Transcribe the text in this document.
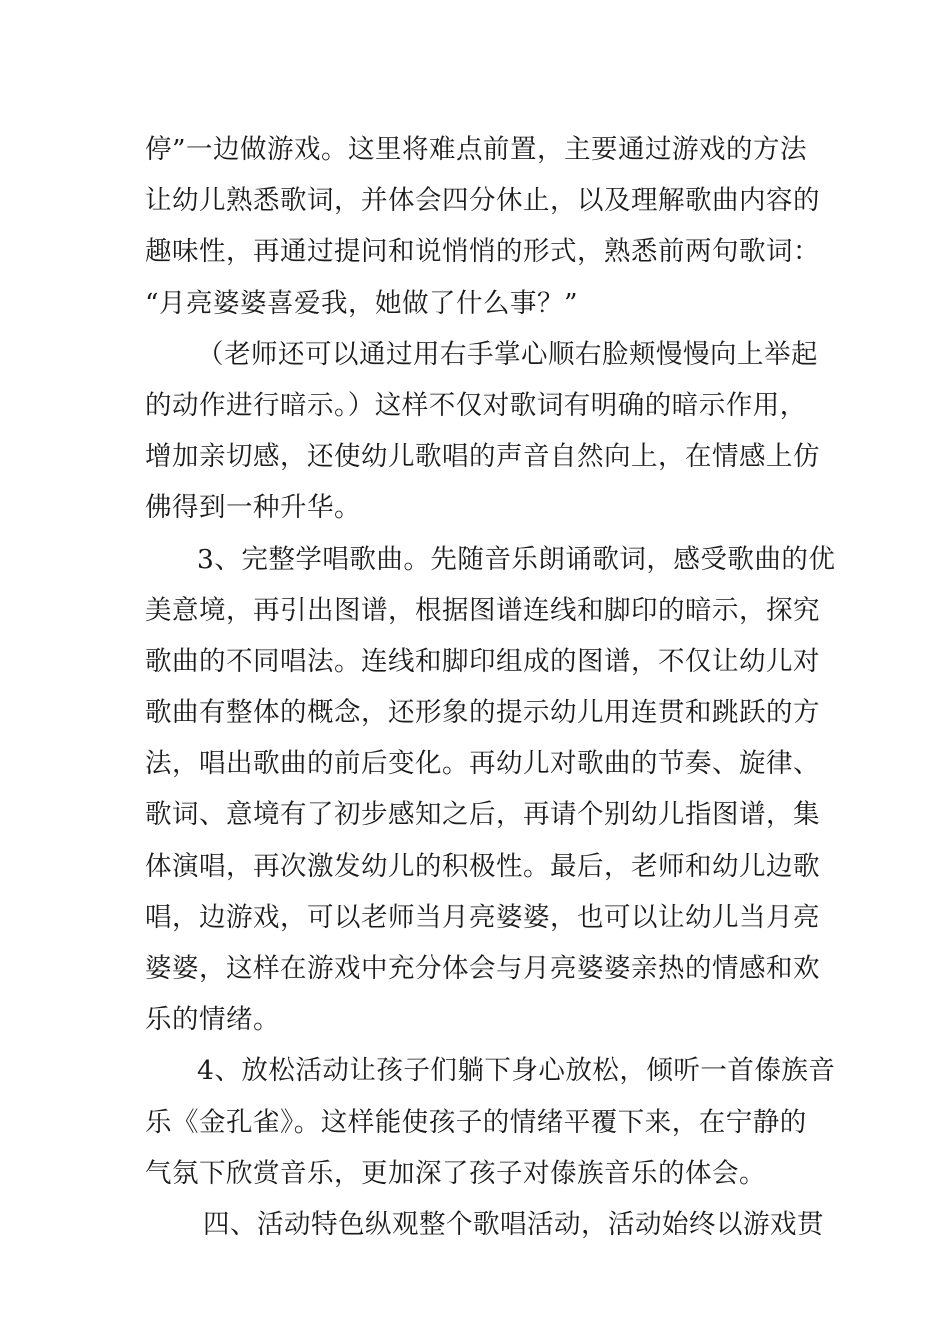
停”一边做游戏。这里将难点前置，主要通过游戏的方法
让幼儿熟悉歌词，并体会四分休止，以及理解歌曲内容的
趣味性，再通过提问和说悄悄的形式，熟悉前两句歌词：
“月亮婆婆喜爱我，她做了什么事？”
（老师还可以通过用右手掌心顺右脸颊慢慢向上举起
的动作进行暗示。）这样不仅对歌词有明确的暗示作用，
增加亲切感，还使幼儿歌唱的声音自然向上，在情感上仿
佛得到一种升华。
3、完整学唱歌曲。先随音乐朗诵歌词，感受歌曲的优
美意境，再引出图谱，根据图谱连线和脚印的暗示，探究
歌曲的不同唱法。连线和脚印组成的图谱，不仅让幼儿对
歌曲有整体的概念，还形象的提示幼儿用连贯和跳跃的方
法，唱出歌曲的前后变化。再幼儿对歌曲的节奏、旋律、
歌词、意境有了初步感知之后，再请个别幼儿指图谱，集
体演唱，再次激发幼儿的积极性。最后，老师和幼儿边歌
唱，边游戏，可以老师当月亮婆婆，也可以让幼儿当月亮
婆婆，这样在游戏中充分体会与月亮婆婆亲热的情感和欢
乐的情绪。
4、放松活动让孩子们躺下身心放松，倾听一首傣族音
乐《金孔雀》。这样能使孩子的情绪平覆下来，在宁静的
气氛下欣赏音乐，更加深了孩子对傣族音乐的体会。
四、活动特色纵观整个歌唱活动，活动始终以游戏贯
